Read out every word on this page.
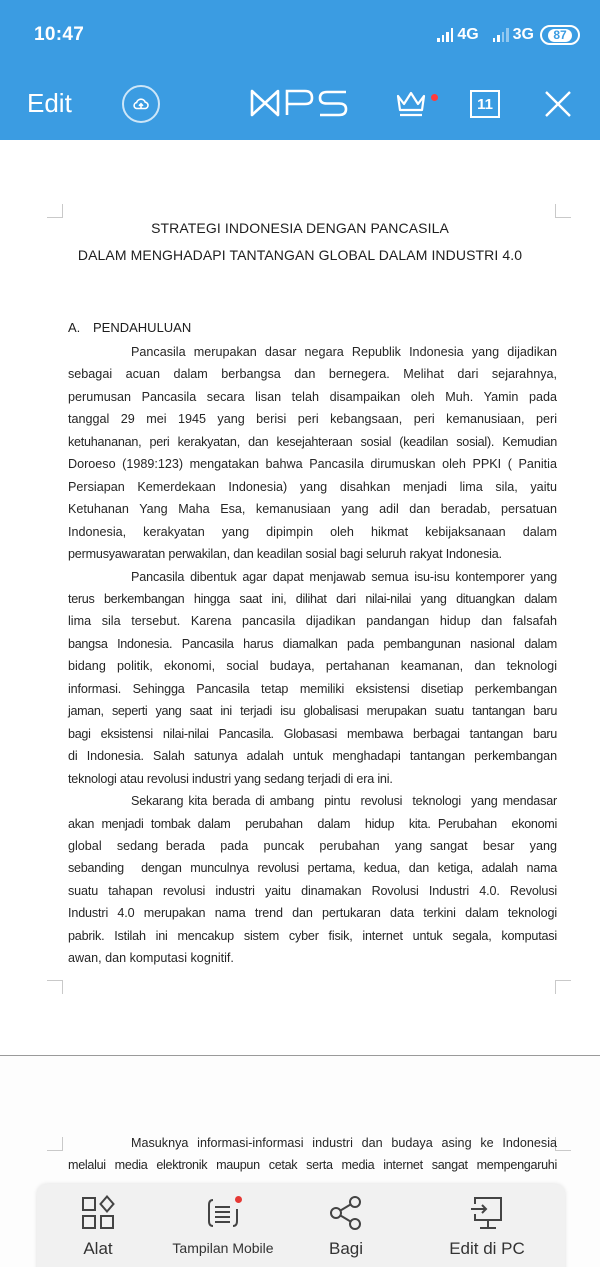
10:47	4G 3G	87
Edit	WPS
11
STRATEGI INDONESIA DENGAN PANCASILA
DALAM MENGHADAPI TANTANGAN GLOBAL DALAM INDUSTRI 4.0
A. PENDAHULUAN
Pancasila merupakan dasar negara Republik Indonesia yang dijadikan
sebagai acuan dalam berbangsa dan bernegera. Melihat dari sejarahnya,
perumusan Pancasila secara lisan telah disampaikan oleh Muh. Yamin pada
tanggal 29 mei 1945 yang berisi peri kebangsaan, peri kemanusiaan, peri
ketuhananan, peri kerakyatan, dan kesejahteraan sosial (keadilan sosial). Kemudian
Doroeso (1989:123) mengatakan bahwa Pancasila dirumuskan oleh PPKI ( Panitia
Persiapan Kemerdekaan Indonesia) yang disahkan menjadi lima sila, yaitu
Ketuhanan Yang Maha Esa, kemanusiaan yang adil dan beradab, persatuan
Indonesia, kerakyatan yang dipimpin oleh hikmat kebijaksanaan dalam
permusyawaratan perwakilan, dan keadilan sosial bagi seluruh rakyat Indonesia.
Pancasila dibentuk agar dapat menjawab semua isu-isu kontemporer yang
terus berkembangan hingga saat ini, dilihat dari nilai-nilai yang dituangkan dalam
lima sila tersebut. Karena pancasila dijadikan pandangan hidup dan falsafah
bangsa Indonesia. Pancasila harus diamalkan pada pembangunan nasional dalam
bidang politik, ekonomi, social budaya, pertahanan keamanan, dan teknologi
informasi. Sehingga Pancasila tetap memiliki eksistensi disetiap perkembangan
jaman, seperti yang saat ini terjadi isu globalisasi merupakan suatu tantangan baru
bagi eksistensi nilai-nilai Pancasila. Globasasi membawa berbagai tantangan baru
di Indonesia. Salah satunya adalah untuk menghadapi tantangan perkembangan
teknologi atau revolusi industri yang sedang terjadi di era ini.
Sekarang kita berada di ambang  pintu  revolusi  teknologi  yang mendasar
akan menjadi tombak dalam  perubahan  dalam  hidup  kita. Perubahan  ekonomi
global  sedang berada  pada  puncak  perubahan  yang sangat  besar  yang
sebanding  dengan munculnya revolusi pertama, kedua, dan ketiga, adalah nama
suatu tahapan revolusi industri yaitu dinamakan Rovolusi Industri 4.0. Revolusi
Industri 4.0 merupakan nama trend dan pertukaran data terkini dalam teknologi
pabrik. Istilah ini mencakup sistem cyber fisik, internet untuk segala, komputasi
awan, dan komputasi kognitif.
Masuknya informasi-informasi industri dan budaya asing ke Indonesia
melalui media elektronik maupun cetak serta media internet sangat mempengaruhi
Alat	Tampilan Mobile	Bagi	Edit di PC
